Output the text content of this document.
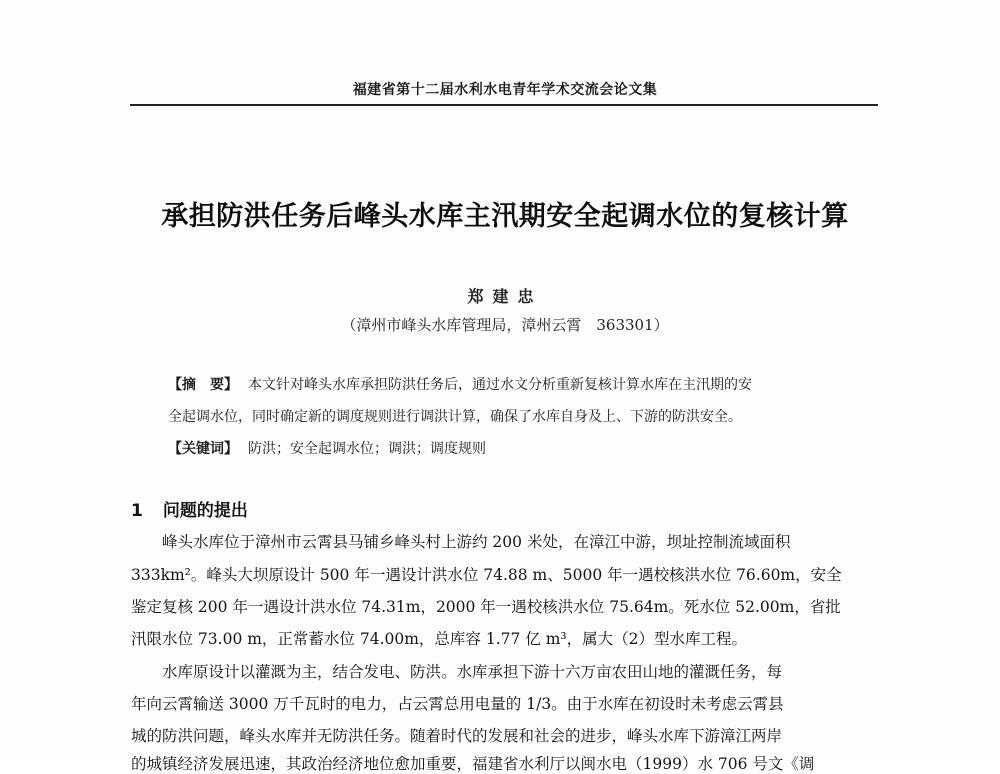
福建省第十二届水利水电青年学术交流会论文集
承担防洪任务后峰头水库主汛期安全起调水位的复核计算
郑建忠
（漳州市峰头水库管理局，漳州云霄　363301）
【摘　要】 本文针对峰头水库承担防洪任务后，通过水文分析重新复核计算水库在主汛期的安
全起调水位，同时确定新的调度规则进行调洪计算，确保了水库自身及上、下游的防洪安全。
【关键词】 防洪；安全起调水位；调洪；调度规则
1 问题的提出
峰头水库位于漳州市云霄县马铺乡峰头村上游约 200 米处，在漳江中游，坝址控制流域面积
333km²。峰头大坝原设计 500 年一遇设计洪水位 74.88 m、5000 年一遇校核洪水位 76.60m，安全
鉴定复核 200 年一遇设计洪水位 74.31m，2000 年一遇校核洪水位 75.64m。死水位 52.00m，省批
汛限水位 73.00 m，正常蓄水位 74.00m，总库容 1.77 亿 m³，属大（2）型水库工程。
水库原设计以灌溉为主，结合发电、防洪。水库承担下游十六万亩农田山地的灌溉任务，每
年向云霄输送 3000 万千瓦时的电力，占云霄总用电量的 1/3。由于水库在初设时未考虑云霄县
城的防洪问题，峰头水库并无防洪任务。随着时代的发展和社会的进步，峰头水库下游漳江两岸
的城镇经济发展迅速，其政治经济地位愈加重要，福建省水利厅以闽水电（1999）水 706 号文《调
